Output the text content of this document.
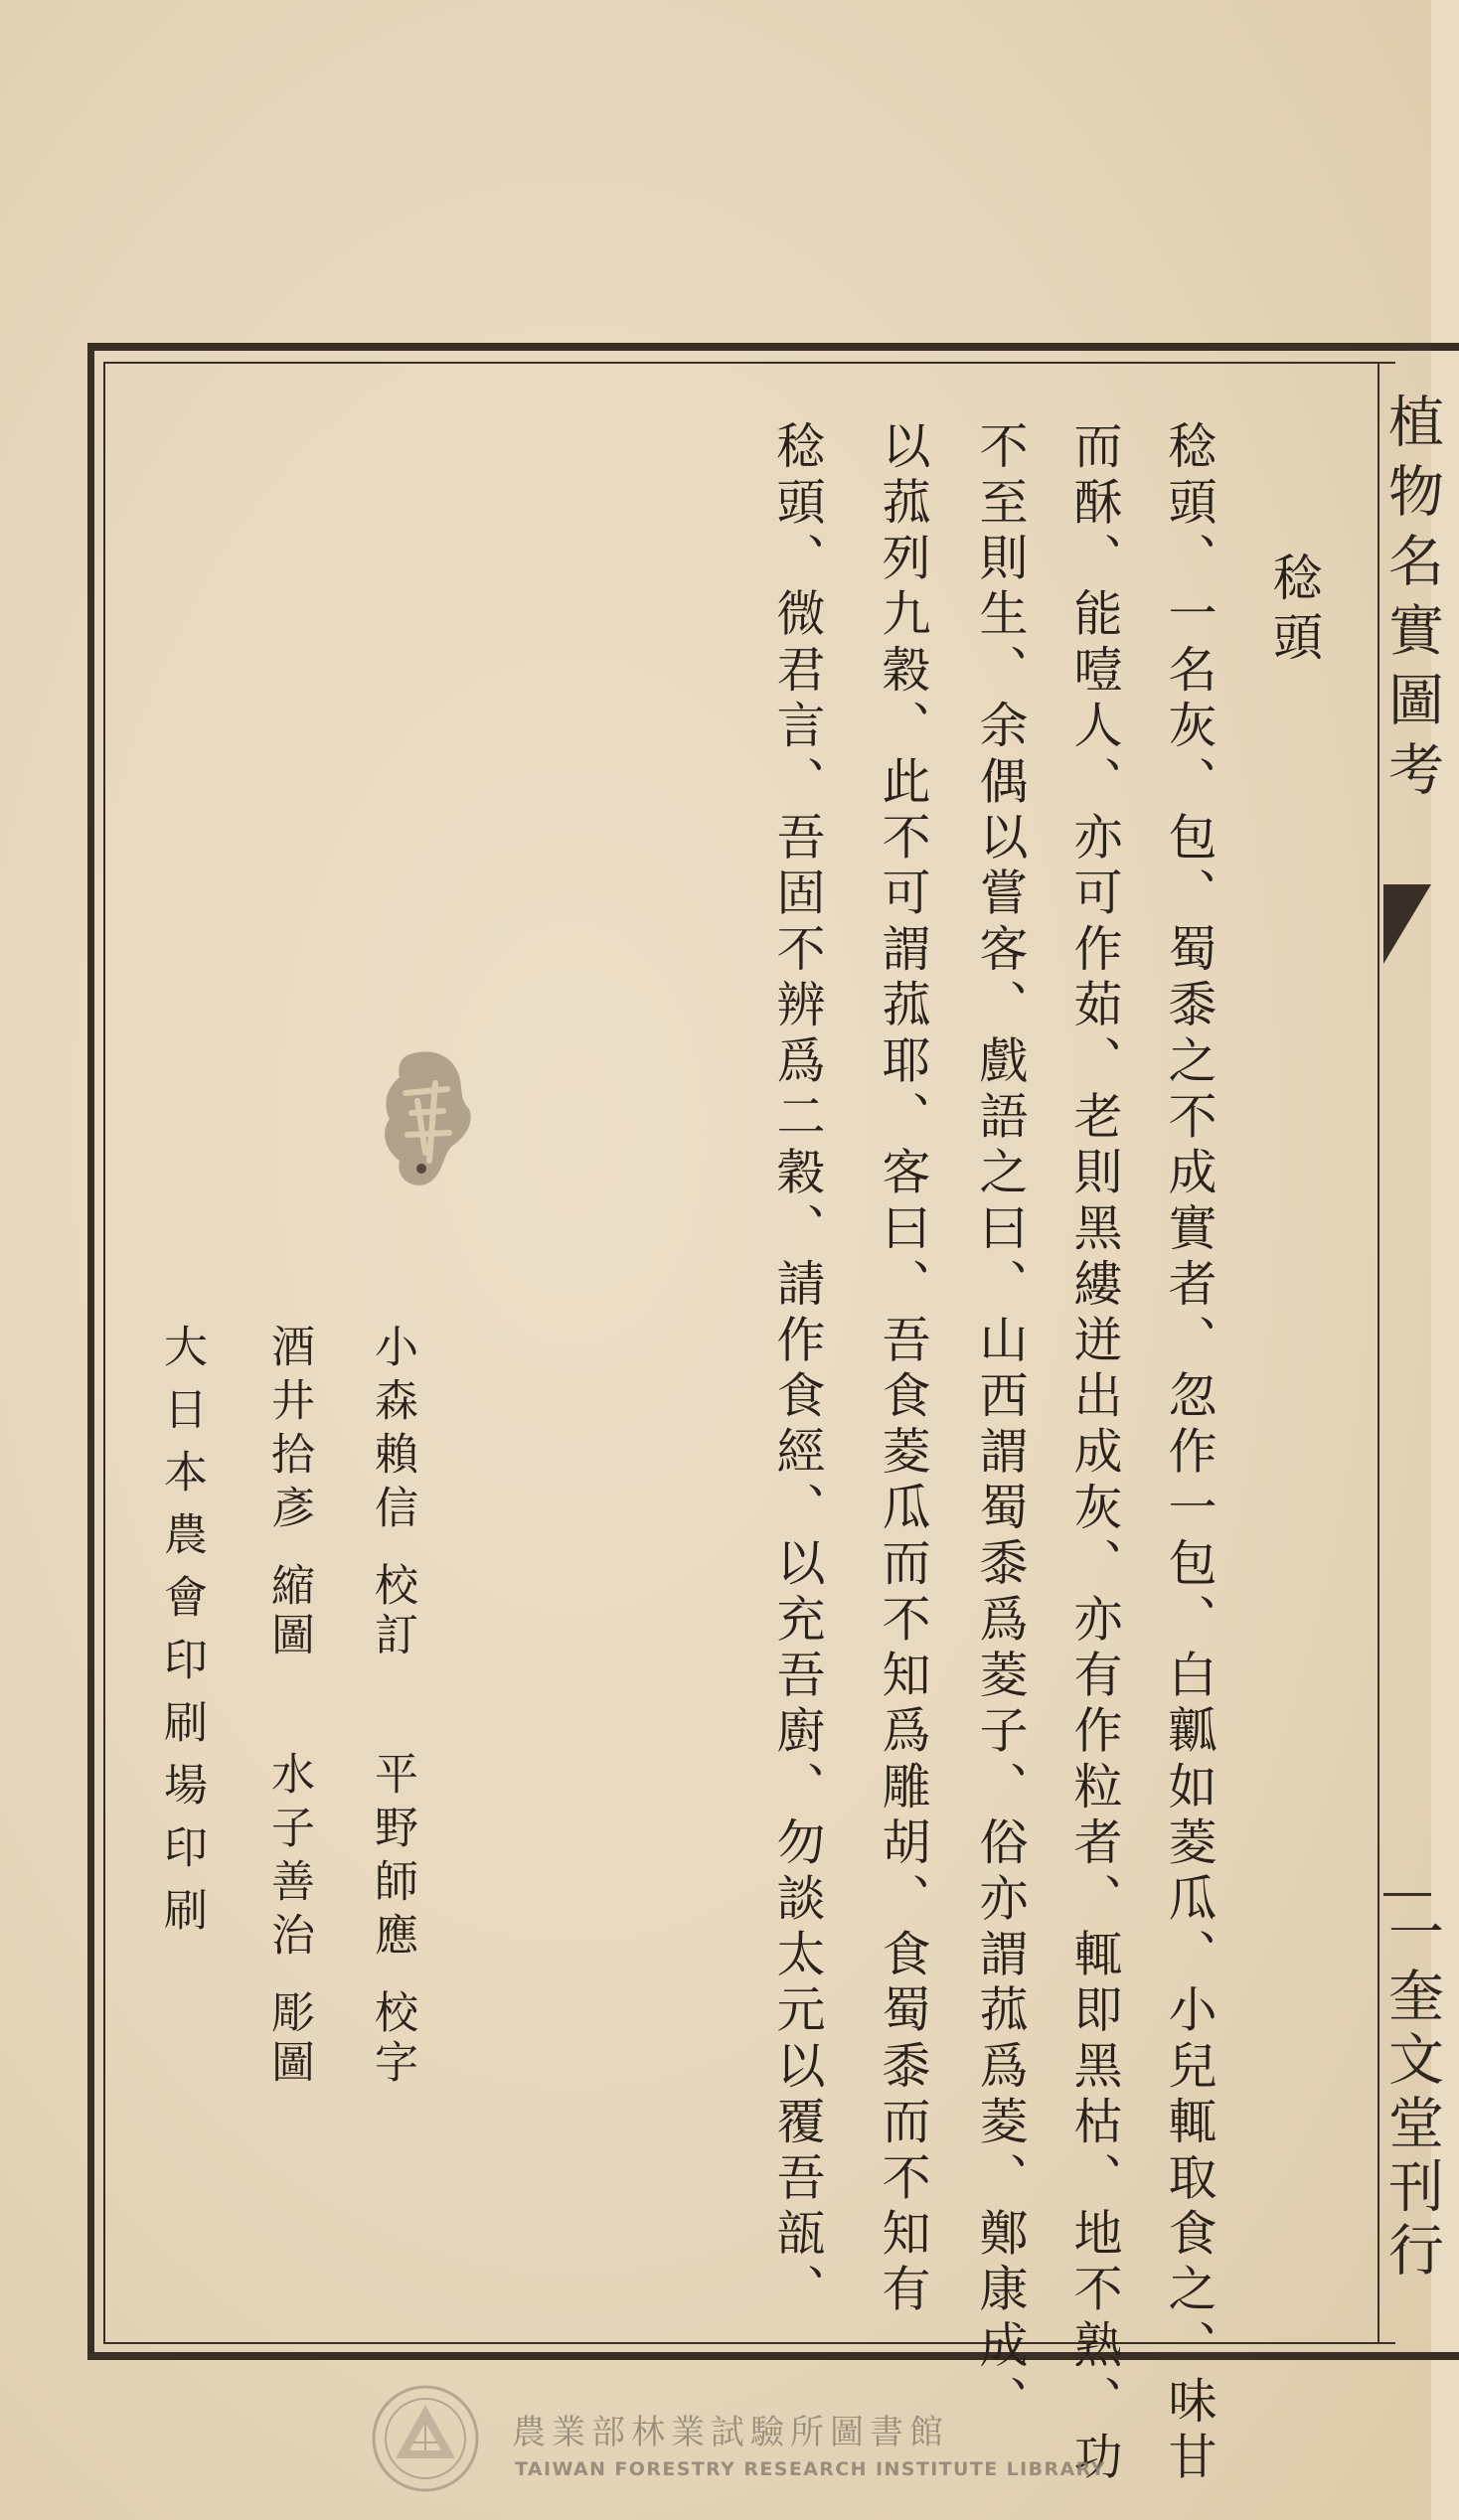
植物名實圖考
一奎文堂刊行
稔頭
稔頭、一名灰、包、蜀黍之不成實者、忽作一包、白瓤如菱瓜、小兒輒取食之、味甘
而酥、能噎人、亦可作茹、老則黑縷迸出成灰、亦有作粒者、輒即黑枯、地不熟、功
不至則生、余偶以嘗客、戲語之曰、山西謂蜀黍爲菱子、俗亦謂菰爲菱、鄭康成、
以菰列九穀、此不可謂菰耶、客曰、吾食菱瓜而不知爲雕胡、食蜀黍而不知有
稔頭、微君言、吾固不辨爲二穀、請作食經、以充吾廚、勿談太元以覆吾瓿、
小森賴信校訂平野師應校字
酒井拾彥縮圖水子善治彫圖
大日本農會印刷場印刷
農業部林業試驗所圖書館
TAIWAN FORESTRY RESEARCH INSTITUTE LIBRARY
